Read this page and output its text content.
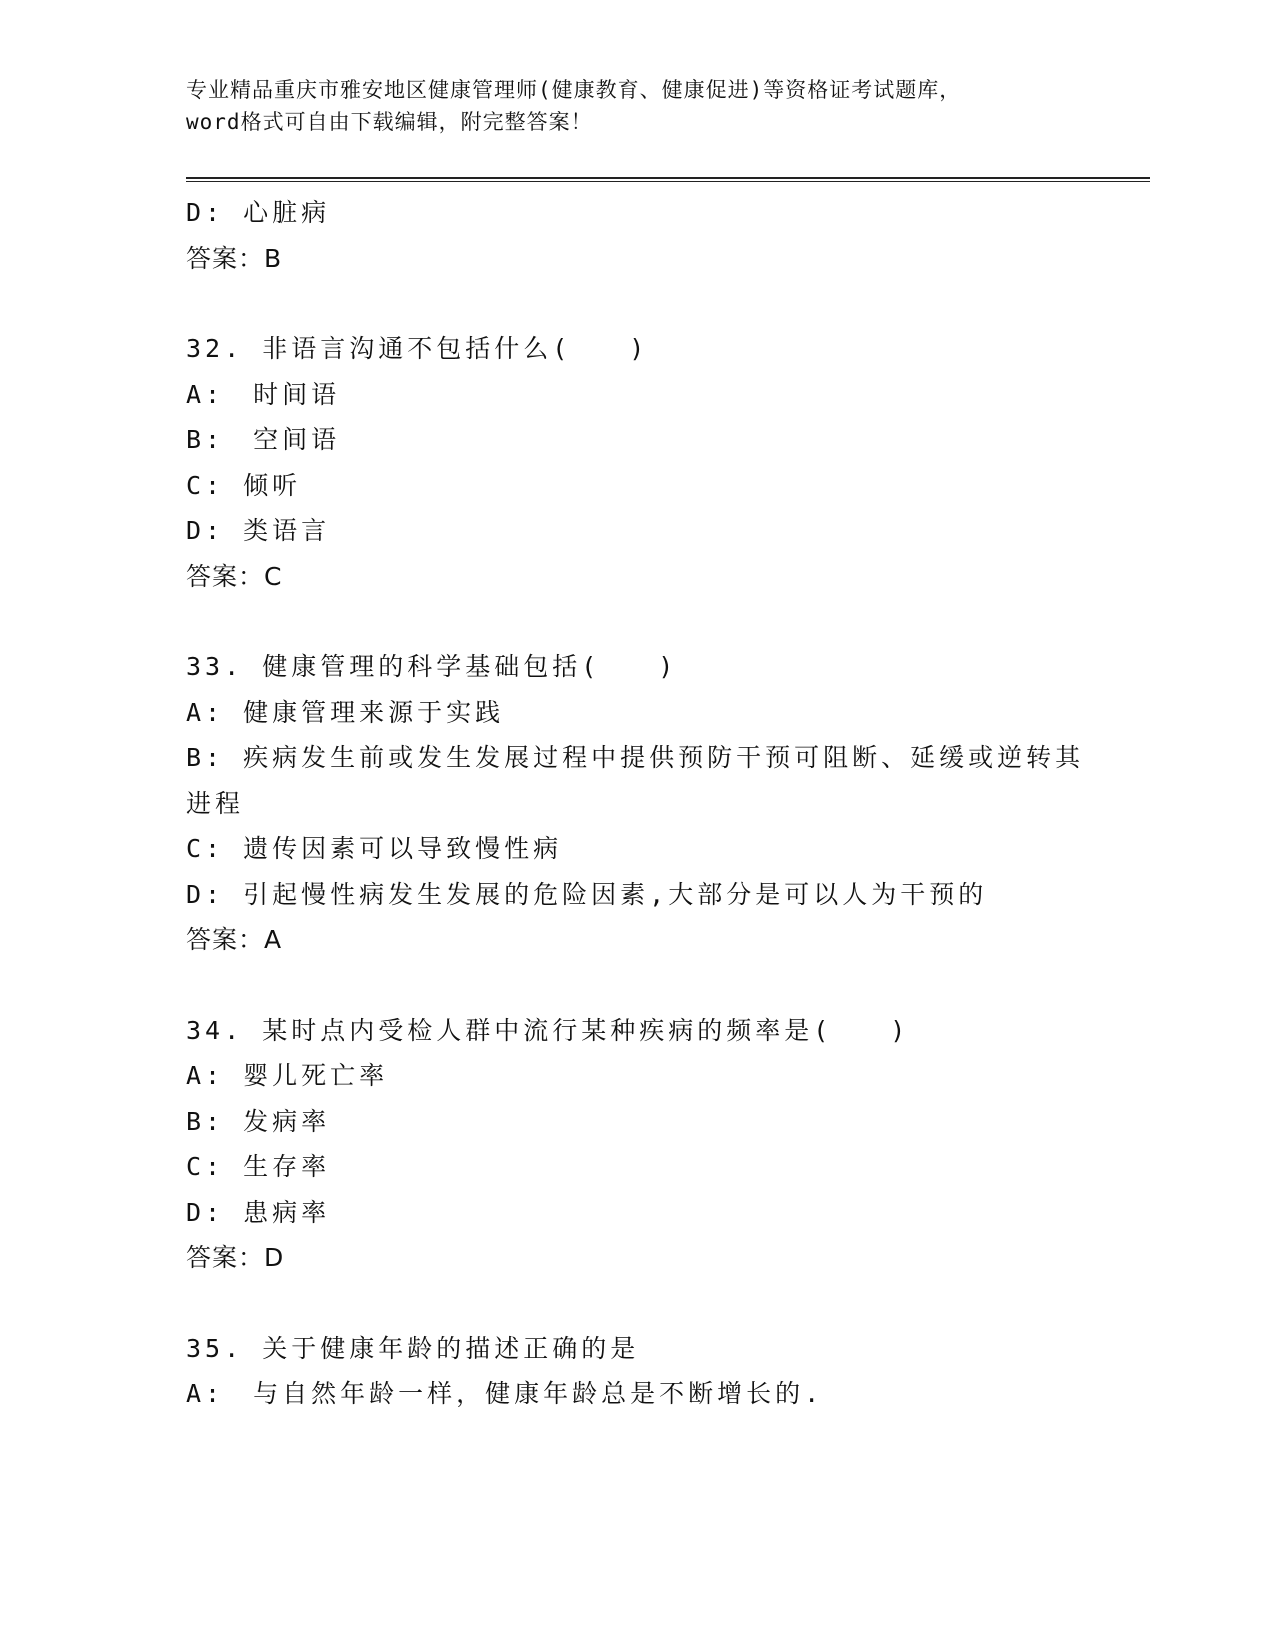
专业精品重庆市雅安地区健康管理师(健康教育、健康促进)等资格证考试题库，
word格式可自由下载编辑，附完整答案！
D: 心脏病
答案：B
32. 非语言沟通不包括什么(　　)
A:　时间语
B:　空间语
C: 倾听
D: 类语言
答案：C
33. 健康管理的科学基础包括(　　)
A: 健康管理来源于实践
B: 疾病发生前或发生发展过程中提供预防干预可阻断、延缓或逆转其
进程
C: 遗传因素可以导致慢性病
D: 引起慢性病发生发展的危险因素,大部分是可以人为干预的
答案：A
34. 某时点内受检人群中流行某种疾病的频率是(　　)
A: 婴儿死亡率
B: 发病率
C: 生存率
D: 患病率
答案：D
35. 关于健康年龄的描述正确的是
A:　与自然年龄一样，健康年龄总是不断增长的.
